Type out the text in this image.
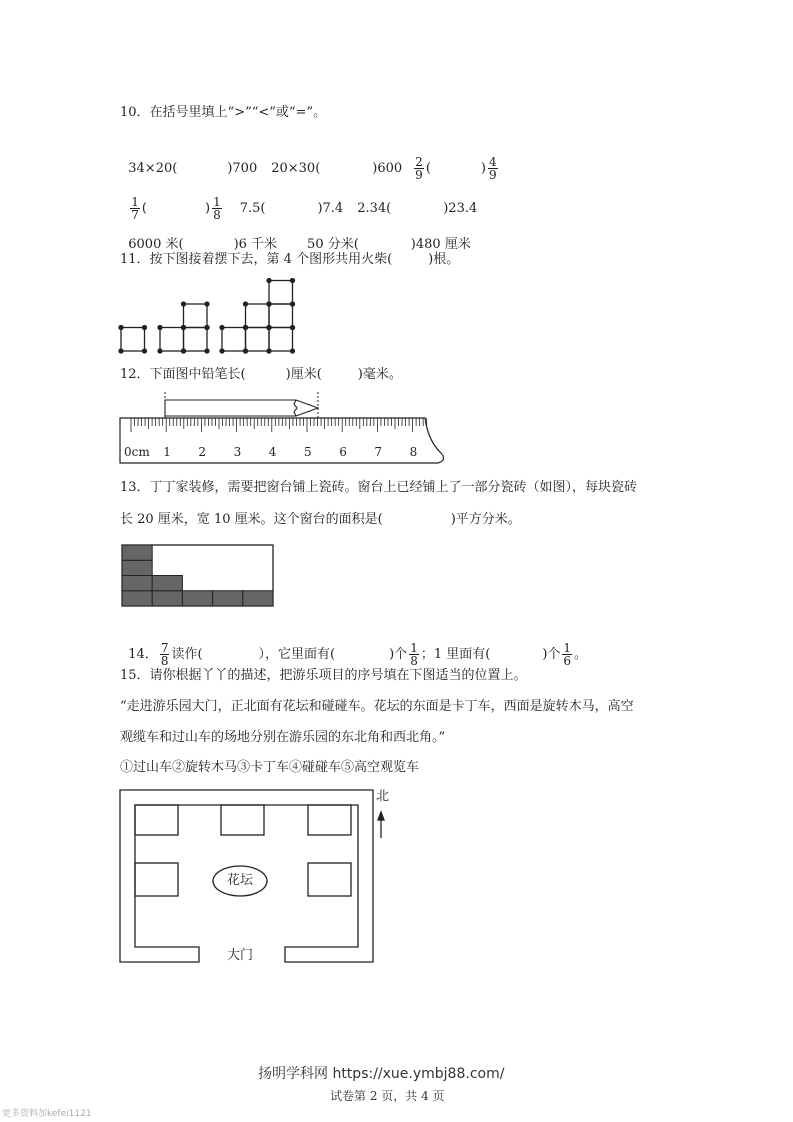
10．在括号里填上“>”“<”或“=”。

34×20(	)700 20×30(	)$600 \frac{2}{9}$ (	) $\frac{4}{9}$

$\frac{1}{7}$ (	) $\frac{1}{8} 7.5$(	)7.4 2.34(	)23.4

6000 米(	)6 千米 50 分米(	)480 厘米

11．按下图接着摆下去，第 4 个图形共用火柴(	)根。
12．下面图中铅笔长(	)厘米(	)毫米。
13．丁丁家装修，需要把窗台铺上瓷砖。窗台上已经铺上了一部分瓷砖（如图），每块瓷砖
长 20 厘米，宽 10 厘米。这个窗台的面积是(	)平方分米。

14． $\frac{7}{8}$ 读作(	），它里面有(	)个 $\frac{1}{8}$ ；1 里面有(	)个 $\frac{1}{6}$ 。

15．请你根据丫丫的描述，把游乐项目的序号填在下图适当的位置上。
“走进游乐园大门，正北面有花坛和碰碰车。花坛的东面是卡丁车，西面是旋转木马，高空
观缆车和过山车的场地分别在游乐园的东北角和西北角。”
①过山车②旋转木马③卡丁车④碰碰车⑤高空观览车
0cm 1 2 3 4 5 6 7 8
花坛
大门
北
扬明学科网 https://xue.ymbj88.com/
试卷第 2 页，共 4 页
更多资料加kefei1121
